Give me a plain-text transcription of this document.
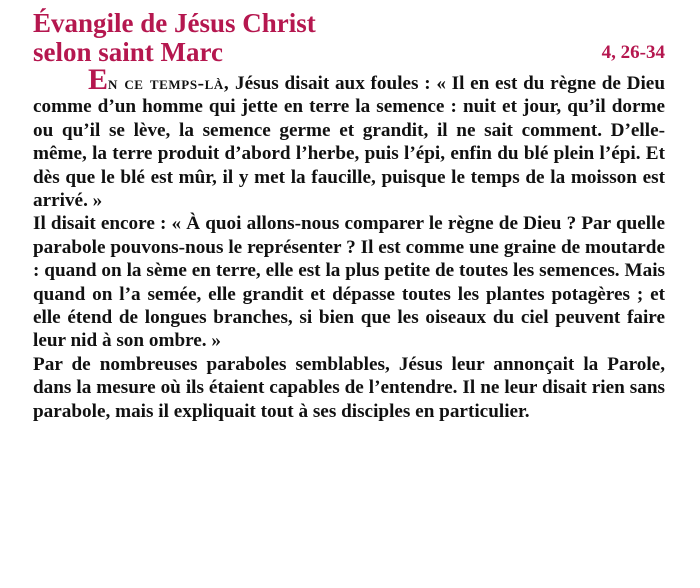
Évangile de Jésus Christ
selon saint Marc	4, 26-34

En ce temps-là, Jésus disait aux foules : « Il en est du règne de Dieu comme d’un homme qui jette en terre la semence : nuit et jour, qu’il dorme ou qu’il se lève, la semence germe et grandit, il ne sait comment. D’elle-même, la terre produit d’abord l’herbe, puis l’épi, enfin du blé plein l’épi. Et dès que le blé est mûr, il y met la faucille, puisque le temps de la moisson est arrivé. »

Il disait encore : « À quoi allons-nous comparer le règne de Dieu ? Par quelle parabole pouvons-nous le représenter ? Il est comme une graine de moutarde : quand on la sème en terre, elle est la plus petite de toutes les semences. Mais quand on l’a semée, elle grandit et dépasse toutes les plantes potagères ; et elle étend de longues branches, si bien que les oiseaux du ciel peuvent faire leur nid à son ombre. »

Par de nombreuses paraboles semblables, Jésus leur annonçait la Parole, dans la mesure où ils étaient capables de l’entendre. Il ne leur disait rien sans parabole, mais il expliquait tout à ses disciples en particulier.
